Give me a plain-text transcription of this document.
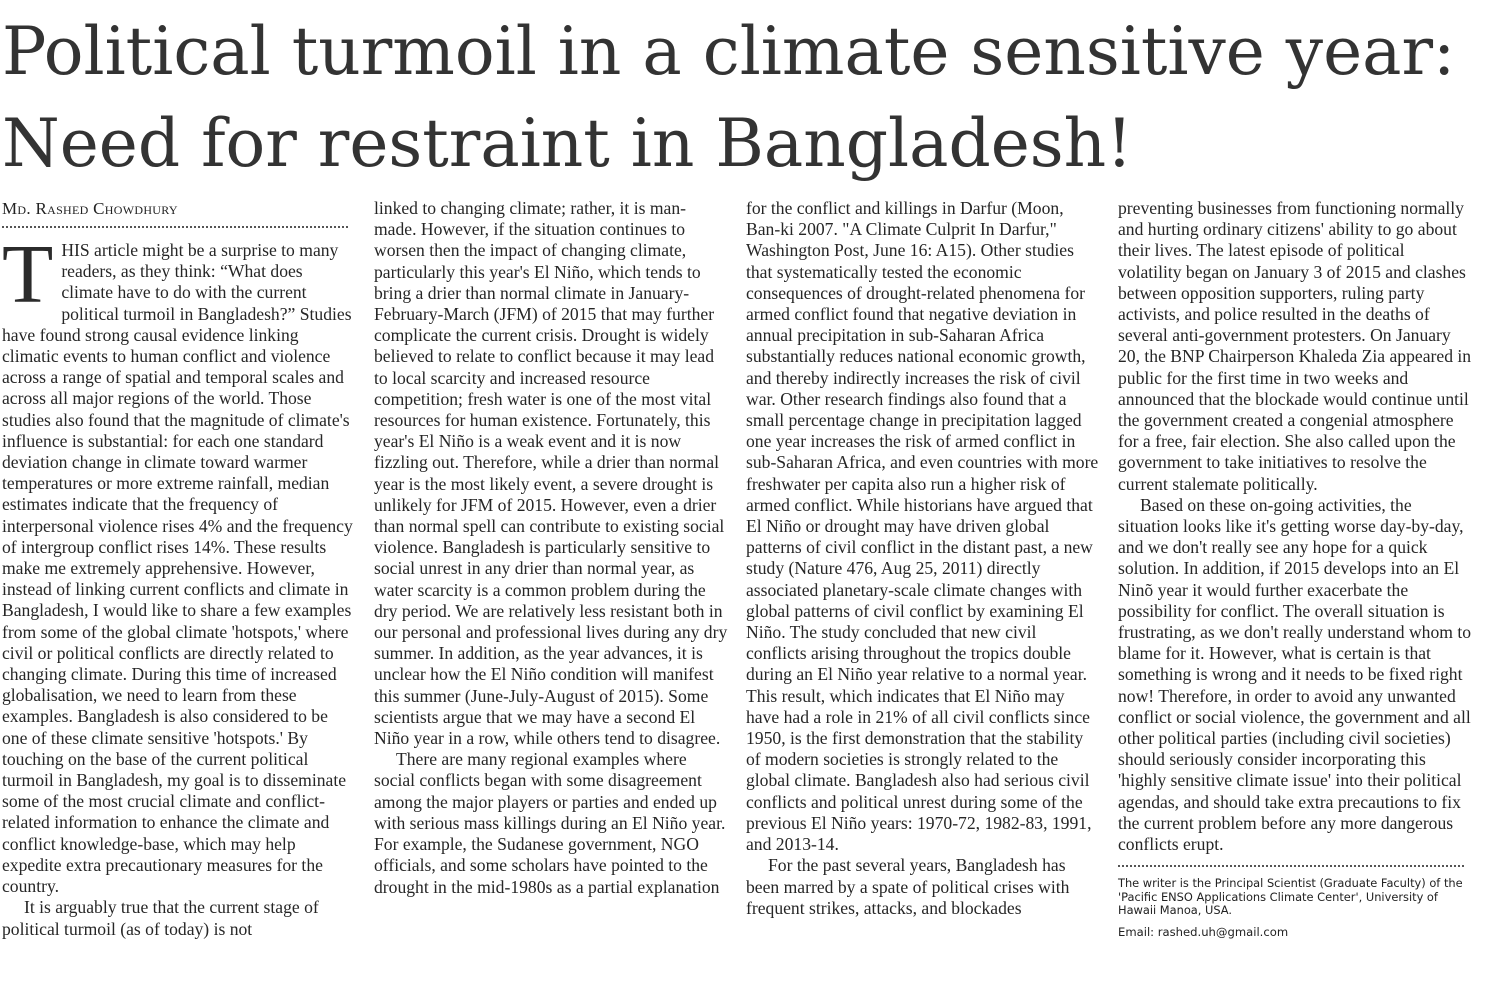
Political turmoil in a climate sensitive year:
Need for restraint in Bangladesh!
Md. Rashed Chowdhury

THIS article might be a surprise to many readers, as they think: “What does climate have to do with the current political turmoil in Bangladesh?” Studies have found strong causal evidence linking climatic events to human conflict and violence across a range of spatial and temporal scales and across all major regions of the world. Those studies also found that the magnitude of climate's influence is substantial: for each one standard deviation change in climate toward warmer temperatures or more extreme rainfall, median estimates indicate that the frequency of interpersonal violence rises 4% and the frequency of intergroup conflict rises 14%. These results make me extremely apprehensive. However, instead of linking current conflicts and climate in Bangladesh, I would like to share a few examples from some of the global climate 'hotspots,' where civil or political conflicts are directly related to changing climate. During this time of increased globalisation, we need to learn from these examples. Bangladesh is also considered to be one of these climate sensitive 'hotspots.' By touching on the base of the current political turmoil in Bangladesh, my goal is to disseminate some of the most crucial climate and conflict-related information to enhance the climate and conflict knowledge-base, which may help expedite extra precautionary measures for the country.

It is arguably true that the current stage of political turmoil (as of today) is not

linked to changing climate; rather, it is man-made. However, if the situation continues to worsen then the impact of changing climate, particularly this year's El Niño, which tends to bring a drier than normal climate in January-February-March (JFM) of 2015 that may further complicate the current crisis. Drought is widely believed to relate to conflict because it may lead to local scarcity and increased resource competition; fresh water is one of the most vital resources for human existence. Fortunately, this year's El Niño is a weak event and it is now fizzling out. Therefore, while a drier than normal year is the most likely event, a severe drought is unlikely for JFM of 2015. However, even a drier than normal spell can contribute to existing social violence. Bangladesh is particularly sensitive to social unrest in any drier than normal year, as water scarcity is a common problem during the dry period. We are relatively less resistant both in our personal and professional lives during any dry summer. In addition, as the year advances, it is unclear how the El Niño condition will manifest this summer (June-July-August of 2015). Some scientists argue that we may have a second El Niño year in a row, while others tend to disagree.

There are many regional examples where social conflicts began with some disagreement among the major players or parties and ended up with serious mass killings during an El Niño year. For example, the Sudanese government, NGO officials, and some scholars have pointed to the drought in the mid-1980s as a partial explanation

for the conflict and killings in Darfur (Moon, Ban-ki 2007. "A Climate Culprit In Darfur," Washington Post, June 16: A15). Other studies that systematically tested the economic consequences of drought-related phenomena for armed conflict found that negative deviation in annual precipitation in sub-Saharan Africa substantially reduces national economic growth, and thereby indirectly increases the risk of civil war. Other research findings also found that a small percentage change in precipitation lagged one year increases the risk of armed conflict in sub-Saharan Africa, and even countries with more freshwater per capita also run a higher risk of armed conflict. While historians have argued that El Niño or drought may have driven global patterns of civil conflict in the distant past, a new study (Nature 476, Aug 25, 2011) directly associated planetary-scale climate changes with global patterns of civil conflict by examining El Niño. The study concluded that new civil conflicts arising throughout the tropics double during an El Niño year relative to a normal year. This result, which indicates that El Niño may have had a role in 21% of all civil conflicts since 1950, is the first demonstration that the stability of modern societies is strongly related to the global climate. Bangladesh also had serious civil conflicts and political unrest during some of the previous El Niño years: 1970-72, 1982-83, 1991, and 2013-14.

For the past several years, Bangladesh has been marred by a spate of political crises with frequent strikes, attacks, and blockades

preventing businesses from functioning normally and hurting ordinary citizens' ability to go about their lives. The latest episode of political volatility began on January 3 of 2015 and clashes between opposition supporters, ruling party activists, and police resulted in the deaths of several anti-government protesters. On January 20, the BNP Chairperson Khaleda Zia appeared in public for the first time in two weeks and announced that the blockade would continue until the government created a congenial atmosphere for a free, fair election. She also called upon the government to take initiatives to resolve the current stalemate politically.

Based on these on-going activities, the situation looks like it's getting worse day-by-day, and we don't really see any hope for a quick solution. In addition, if 2015 develops into an El Ninõ year it would further exacerbate the possibility for conflict. The overall situation is frustrating, as we don't really understand whom to blame for it. However, what is certain is that something is wrong and it needs to be fixed right now! Therefore, in order to avoid any unwanted conflict or social violence, the government and all other political parties (including civil societies) should seriously consider incorporating this 'highly sensitive climate issue' into their political agendas, and should take extra precautions to fix the current problem before any more dangerous conflicts erupt.

The writer is the Principal Scientist (Graduate Faculty) of the 'Pacific ENSO Applications Climate Center', University of Hawaii Manoa, USA.
Email: rashed.uh@gmail.com
